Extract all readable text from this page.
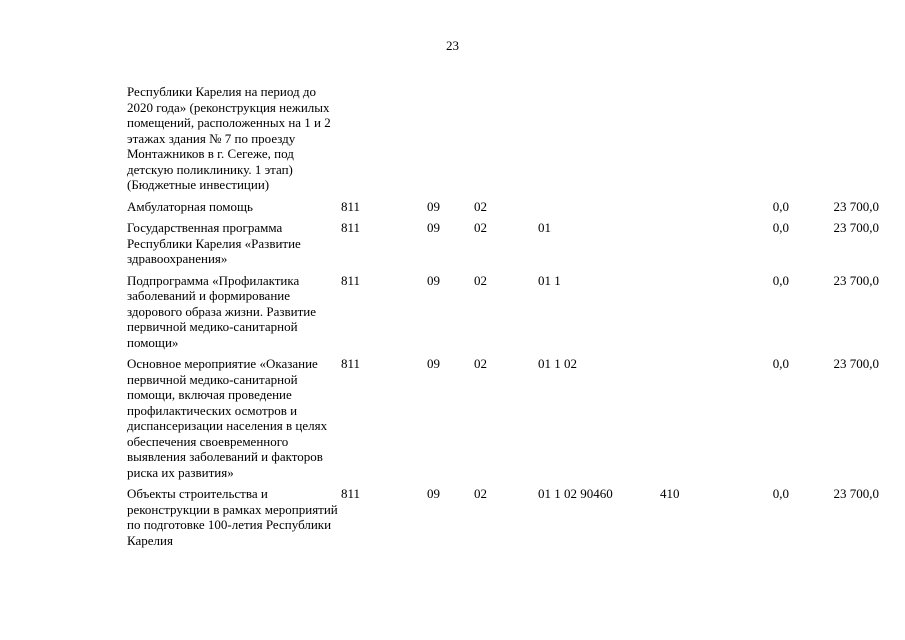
23
Республики Карелия на период до 2020 года» (реконструкция нежилых помещений, расположенных на 1 и 2 этажах здания № 7 по проезду Монтажников в г. Сегеже, под детскую поликлинику. 1 этап) (Бюджетные инвестиции)							
Амбулаторная помощь	811	09	02			0,0	23 700,0
Государственная программа Республики Карелия «Развитие здравоохранения»	811	09	02	01		0,0	23 700,0
Подпрограмма «Профилактика заболеваний и формирование здорового образа жизни. Развитие первичной медико-санитарной помощи»	811	09	02	01 1		0,0	23 700,0
Основное мероприятие «Оказание первичной медико-санитарной помощи, включая проведение профилактических осмотров и диспансеризации населения в целях обеспечения своевременного выявления заболеваний и факторов риска их развития»	811	09	02	01 1 02		0,0	23 700,0
Объекты строительства и реконструкции в рамках мероприятий по подготовке 100-летия Республики Карелия	811	09	02	01 1 02 90460	410	0,0	23 700,0
